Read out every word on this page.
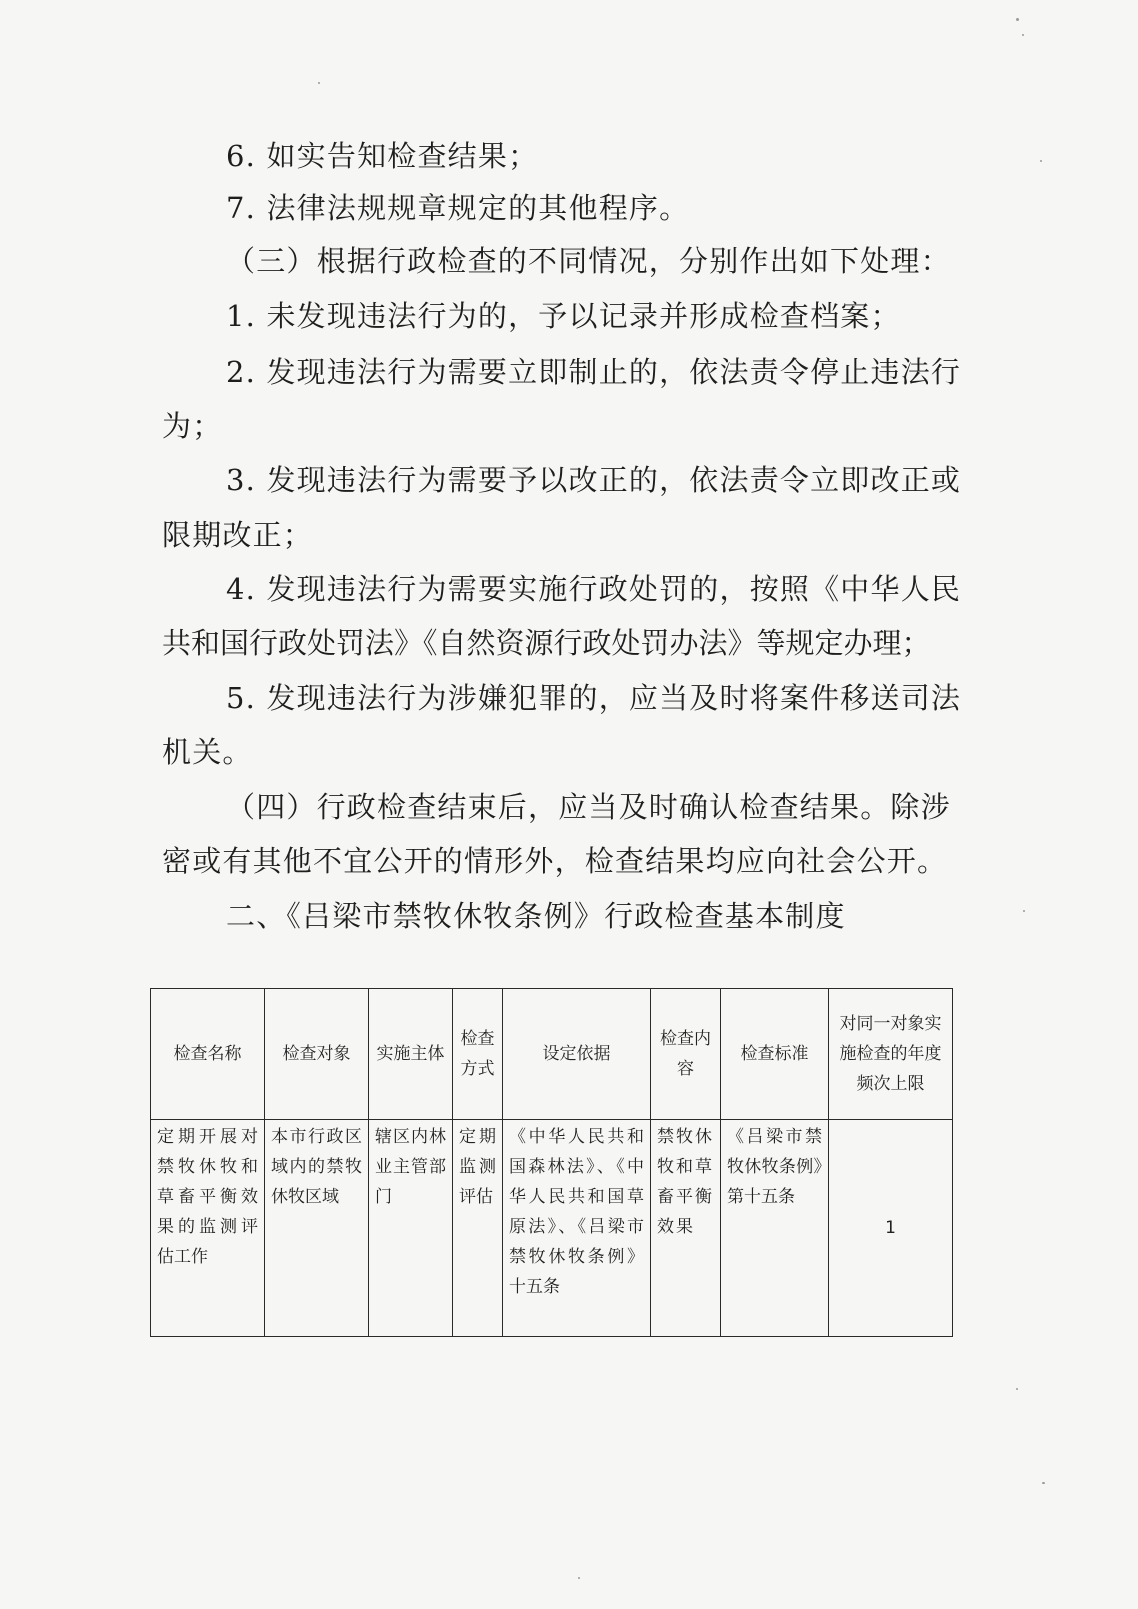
6. 如实告知检查结果；
7. 法律法规规章规定的其他程序。
（三）根据行政检查的不同情况，分别作出如下处理：
1. 未发现违法行为的，予以记录并形成检查档案；
2. 发现违法行为需要立即制止的，依法责令停止违法行
为；
3. 发现违法行为需要予以改正的，依法责令立即改正或
限期改正；
4. 发现违法行为需要实施行政处罚的，按照《中华人民
共和国行政处罚法》《自然资源行政处罚办法》等规定办理；
5. 发现违法行为涉嫌犯罪的，应当及时将案件移送司法
机关。
（四）行政检查结束后，应当及时确认检查结果。除涉
密或有其他不宜公开的情形外，检查结果均应向社会公开。
二、《吕梁市禁牧休牧条例》行政检查基本制度
检查名称	检查对象	实施主体	检查方式	设定依据	检查内容	检查标准	对同一对象实施检查的年度频次上限
定期开展对禁牧休牧和草畜平衡效果的监测评估工作	本市行政区域内的禁牧休牧区域	辖区内林业主管部门	定期监测评估	《中华人民共和国森林法》、《中华人民共和国草原法》、《吕梁市禁牧休牧条例》十五条	禁牧休牧和草畜平衡效果	《吕梁市禁牧休牧条例》第十五条	1
